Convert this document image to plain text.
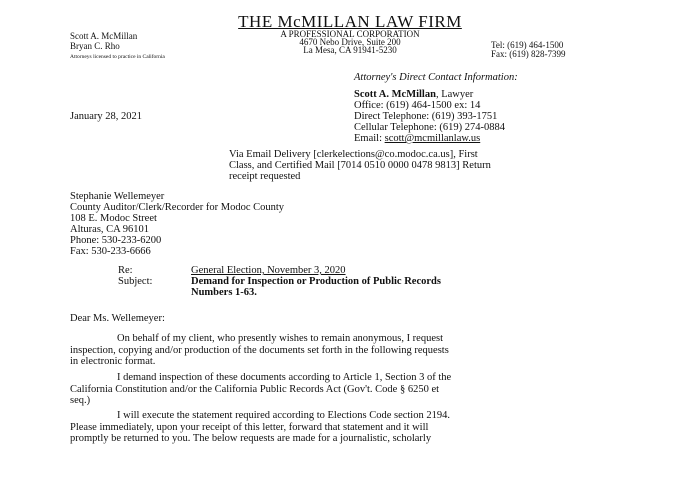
THE McMILLAN LAW FIRM
A PROFESSIONAL CORPORATION
4670 Nebo Drive, Suite 200
La Mesa, CA 91941-5230
Scott A. McMillan
Bryan C. Rho
Attorneys licensed to practice in California
Tel: (619) 464-1500
Fax: (619) 828-7399
Attorney's Direct Contact Information:
Scott A. McMillan, Lawyer
Office: (619) 464-1500 ex: 14
Direct Telephone: (619) 393-1751
Cellular Telephone: (619) 274-0884
Email: scott@mcmillanlaw.us
January 28, 2021
Via Email Delivery [clerkelections@co.modoc.ca.us], First
Class, and Certified Mail [7014 0510 0000 0478 9813] Return
receipt requested
Stephanie Wellemeyer
County Auditor/Clerk/Recorder for Modoc County
108 E. Modoc Street
Alturas, CA 96101
Phone: 530-233-6200
Fax: 530-233-6666
Re:	General Election, November 3, 2020
Subject:	Demand for Inspection or Production of Public Records
Numbers 1-63.
Dear Ms. Wellemeyer:
On behalf of my client, who presently wishes to remain anonymous, I request
inspection, copying and/or production of the documents set forth in the following requests
in electronic format.
I demand inspection of these documents according to Article 1, Section 3 of the
California Constitution and/or the California Public Records Act (Gov't. Code § 6250 et
seq.)
I will execute the statement required according to Elections Code section 2194.
Please immediately, upon your receipt of this letter, forward that statement and it will
promptly be returned to you. The below requests are made for a journalistic, scholarly
